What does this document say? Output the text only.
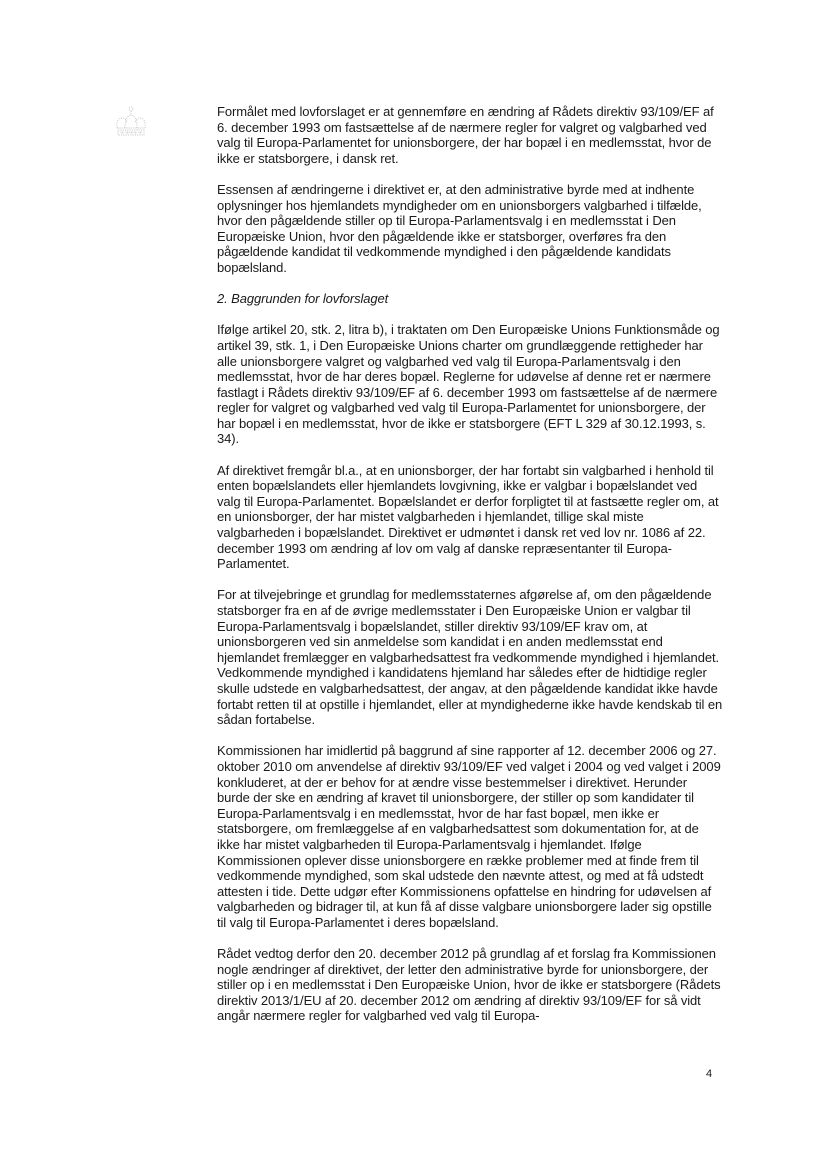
Formålet med lovforslaget er at gennemføre en ændring af Rådets direktiv 93/109/EF af 6. december 1993 om fastsættelse af de nærmere regler for valgret og valgbarhed ved valg til Europa-Parlamentet for unionsborgere, der har bopæl i en medlemsstat, hvor de ikke er statsborgere, i dansk ret.

Essensen af ændringerne i direktivet er, at den administrative byrde med at indhente oplysninger hos hjemlandets myndigheder om en unionsborgers valgbarhed i tilfælde, hvor den pågældende stiller op til Europa-Parlamentsvalg i en medlemsstat i Den Europæiske Union, hvor den pågældende ikke er statsborger, overføres fra den pågældende kandidat til vedkommende myndighed i den pågældende kandidats bopælsland.

2. Baggrunden for lovforslaget

Ifølge artikel 20, stk. 2, litra b), i traktaten om Den Europæiske Unions Funktionsmåde og artikel 39, stk. 1, i Den Europæiske Unions charter om grundlæggende rettigheder har alle unionsborgere valgret og valgbarhed ved valg til Europa-Parlamentsvalg i den medlemsstat, hvor de har deres bopæl. Reglerne for udøvelse af denne ret er nærmere fastlagt i Rådets direktiv 93/109/EF af 6. december 1993 om fastsættelse af de nærmere regler for valgret og valgbarhed ved valg til Europa-Parlamentet for unionsborgere, der har bopæl i en medlemsstat, hvor de ikke er statsborgere (EFT L 329 af 30.12.1993, s. 34).

Af direktivet fremgår bl.a., at en unionsborger, der har fortabt sin valgbarhed i henhold til enten bopælslandets eller hjemlandets lovgivning, ikke er valgbar i bopælslandet ved valg til Europa-Parlamentet. Bopælslandet er derfor forpligtet til at fastsætte regler om, at en unionsborger, der har mistet valgbarheden i hjemlandet, tillige skal miste valgbarheden i bopælslandet. Direktivet er udmøntet i dansk ret ved lov nr. 1086 af 22. december 1993 om ændring af lov om valg af danske repræsentanter til Europa-Parlamentet.

For at tilvejebringe et grundlag for medlemsstaternes afgørelse af, om den pågældende statsborger fra en af de øvrige medlemsstater i Den Europæiske Union er valgbar til Europa-Parlamentsvalg i bopælslandet, stiller direktiv 93/109/EF krav om, at unionsborgeren ved sin anmeldelse som kandidat i en anden medlemsstat end hjemlandet fremlægger en valgbarhedsattest fra vedkommende myndighed i hjemlandet. Vedkommende myndighed i kandidatens hjemland har således efter de hidtidige regler skulle udstede en valgbarhedsattest, der angav, at den pågældende kandidat ikke havde fortabt retten til at opstille i hjemlandet, eller at myndighederne ikke havde kendskab til en sådan fortabelse.

Kommissionen har imidlertid på baggrund af sine rapporter af 12. december 2006 og 27. oktober 2010 om anvendelse af direktiv 93/109/EF ved valget i 2004 og ved valget i 2009 konkluderet, at der er behov for at ændre visse bestemmelser i direktivet. Herunder burde der ske en ændring af kravet til unionsborgere, der stiller op som kandidater til Europa-Parlamentsvalg i en medlemsstat, hvor de har fast bopæl, men ikke er statsborgere, om fremlæggelse af en valgbarhedsattest som dokumentation for, at de ikke har mistet valgbarheden til Europa-Parlamentsvalg i hjemlandet. Ifølge Kommissionen oplever disse unionsborgere en række problemer med at finde frem til vedkommende myndighed, som skal udstede den nævnte attest, og med at få udstedt attesten i tide. Dette udgør efter Kommissionens opfattelse en hindring for udøvelsen af valgbarheden og bidrager til, at kun få af disse valgbare unionsborgere lader sig opstille til valg til Europa-Parlamentet i deres bopælsland.

Rådet vedtog derfor den 20. december 2012 på grundlag af et forslag fra Kommissionen nogle ændringer af direktivet, der letter den administrative byrde for unionsborgere, der stiller op i en medlemsstat i Den Europæiske Union, hvor de ikke er statsborgere (Rådets direktiv 2013/1/EU af 20. december 2012 om ændring af direktiv 93/109/EF for så vidt angår nærmere regler for valgbarhed ved valg til Europa-

4
